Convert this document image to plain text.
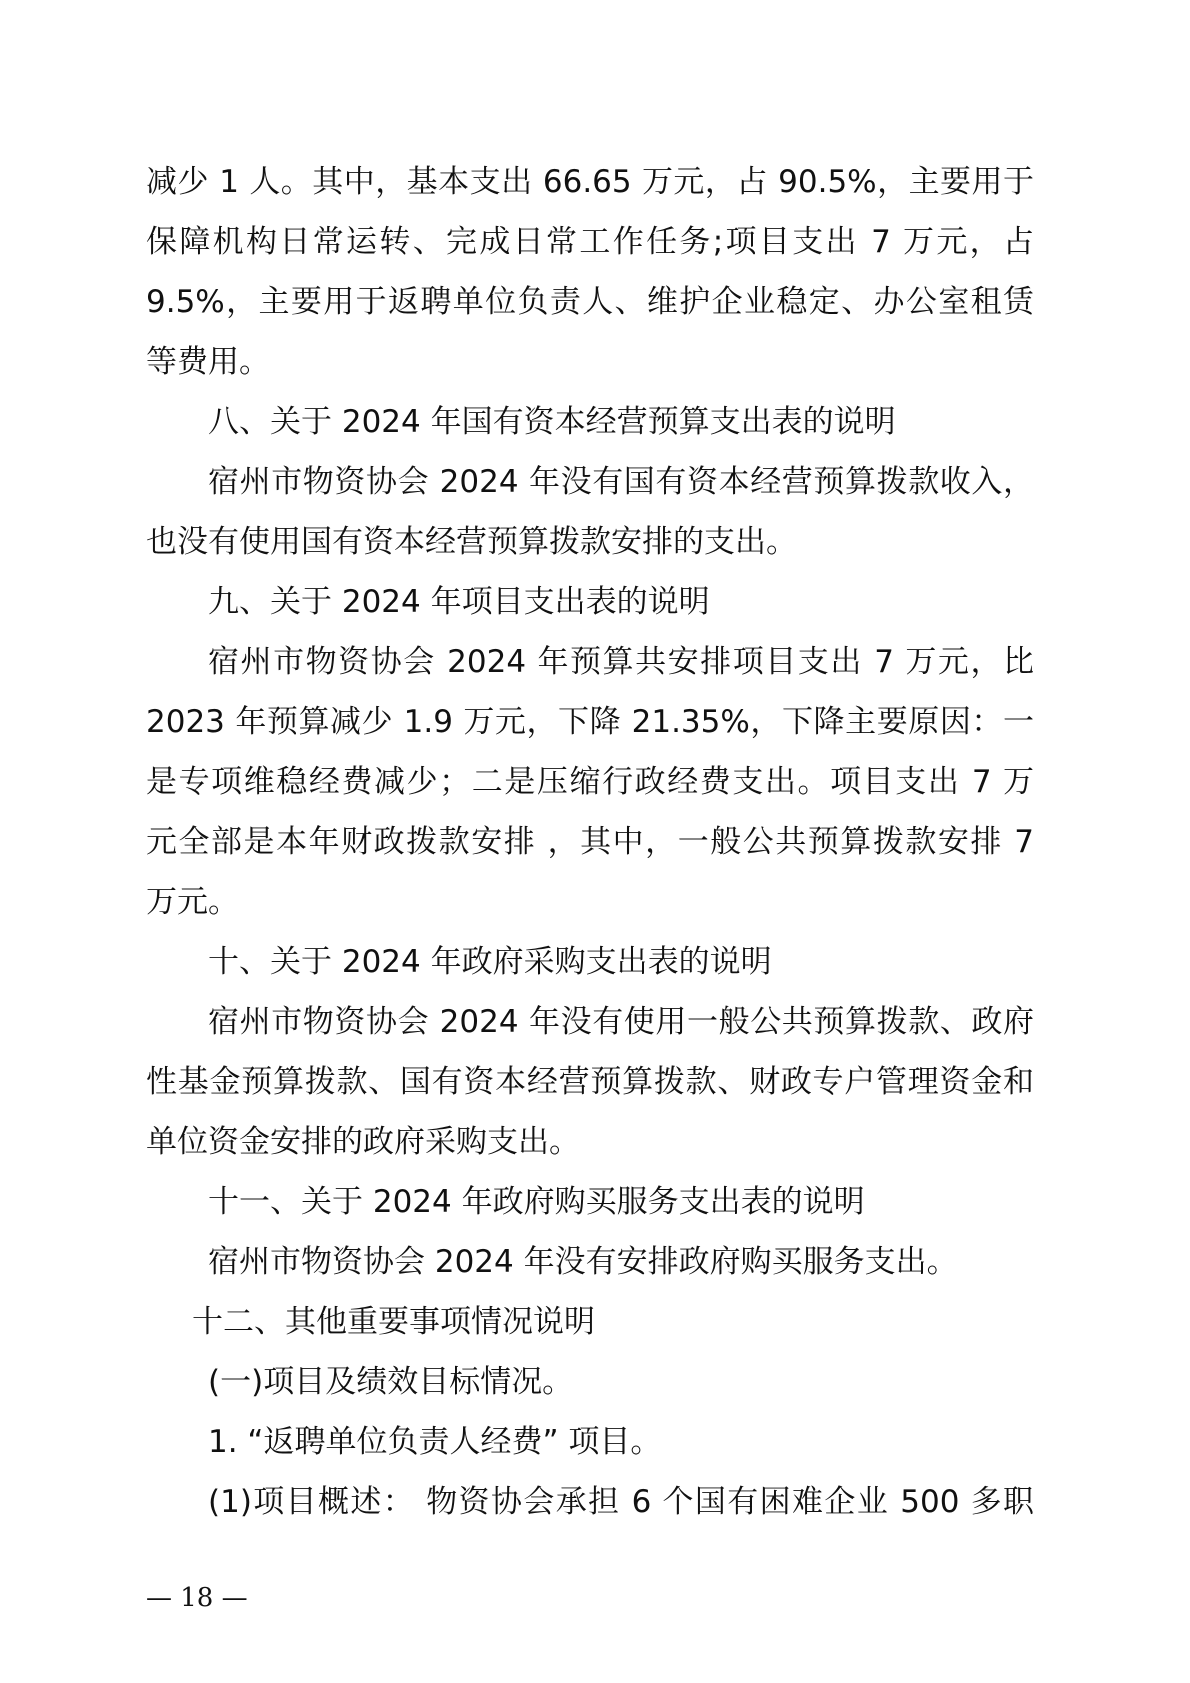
减少 1 人。其中，基本支出 66.65 万元，占 90.5%，主要用于
保障机构日常运转、完成日常工作任务;项目支出 7 万元，占
9.5%，主要用于返聘单位负责人、维护企业稳定、办公室租赁
等费用。
八、关于 2024 年国有资本经营预算支出表的说明
宿州市物资协会 2024 年没有国有资本经营预算拨款收入，
也没有使用国有资本经营预算拨款安排的支出。
九、关于 2024 年项目支出表的说明
宿州市物资协会 2024 年预算共安排项目支出 7 万元，比
2023 年预算减少 1.9 万元，下降 21.35%，下降主要原因：一
是专项维稳经费减少；二是压缩行政经费支出。项目支出 7 万
元全部是本年财政拨款安排 ，其中，一般公共预算拨款安排 7
万元。
十、关于 2024 年政府采购支出表的说明
宿州市物资协会 2024 年没有使用一般公共预算拨款、政府
性基金预算拨款、国有资本经营预算拨款、财政专户管理资金和
单位资金安排的政府采购支出。
十一、关于 2024 年政府购买服务支出表的说明
宿州市物资协会 2024 年没有安排政府购买服务支出。
十二、其他重要事项情况说明
(一)项目及绩效目标情况。
1. “返聘单位负责人经费” 项目。
(1)项目概述： 物资协会承担 6 个国有困难企业 500 多职
— 18 —
